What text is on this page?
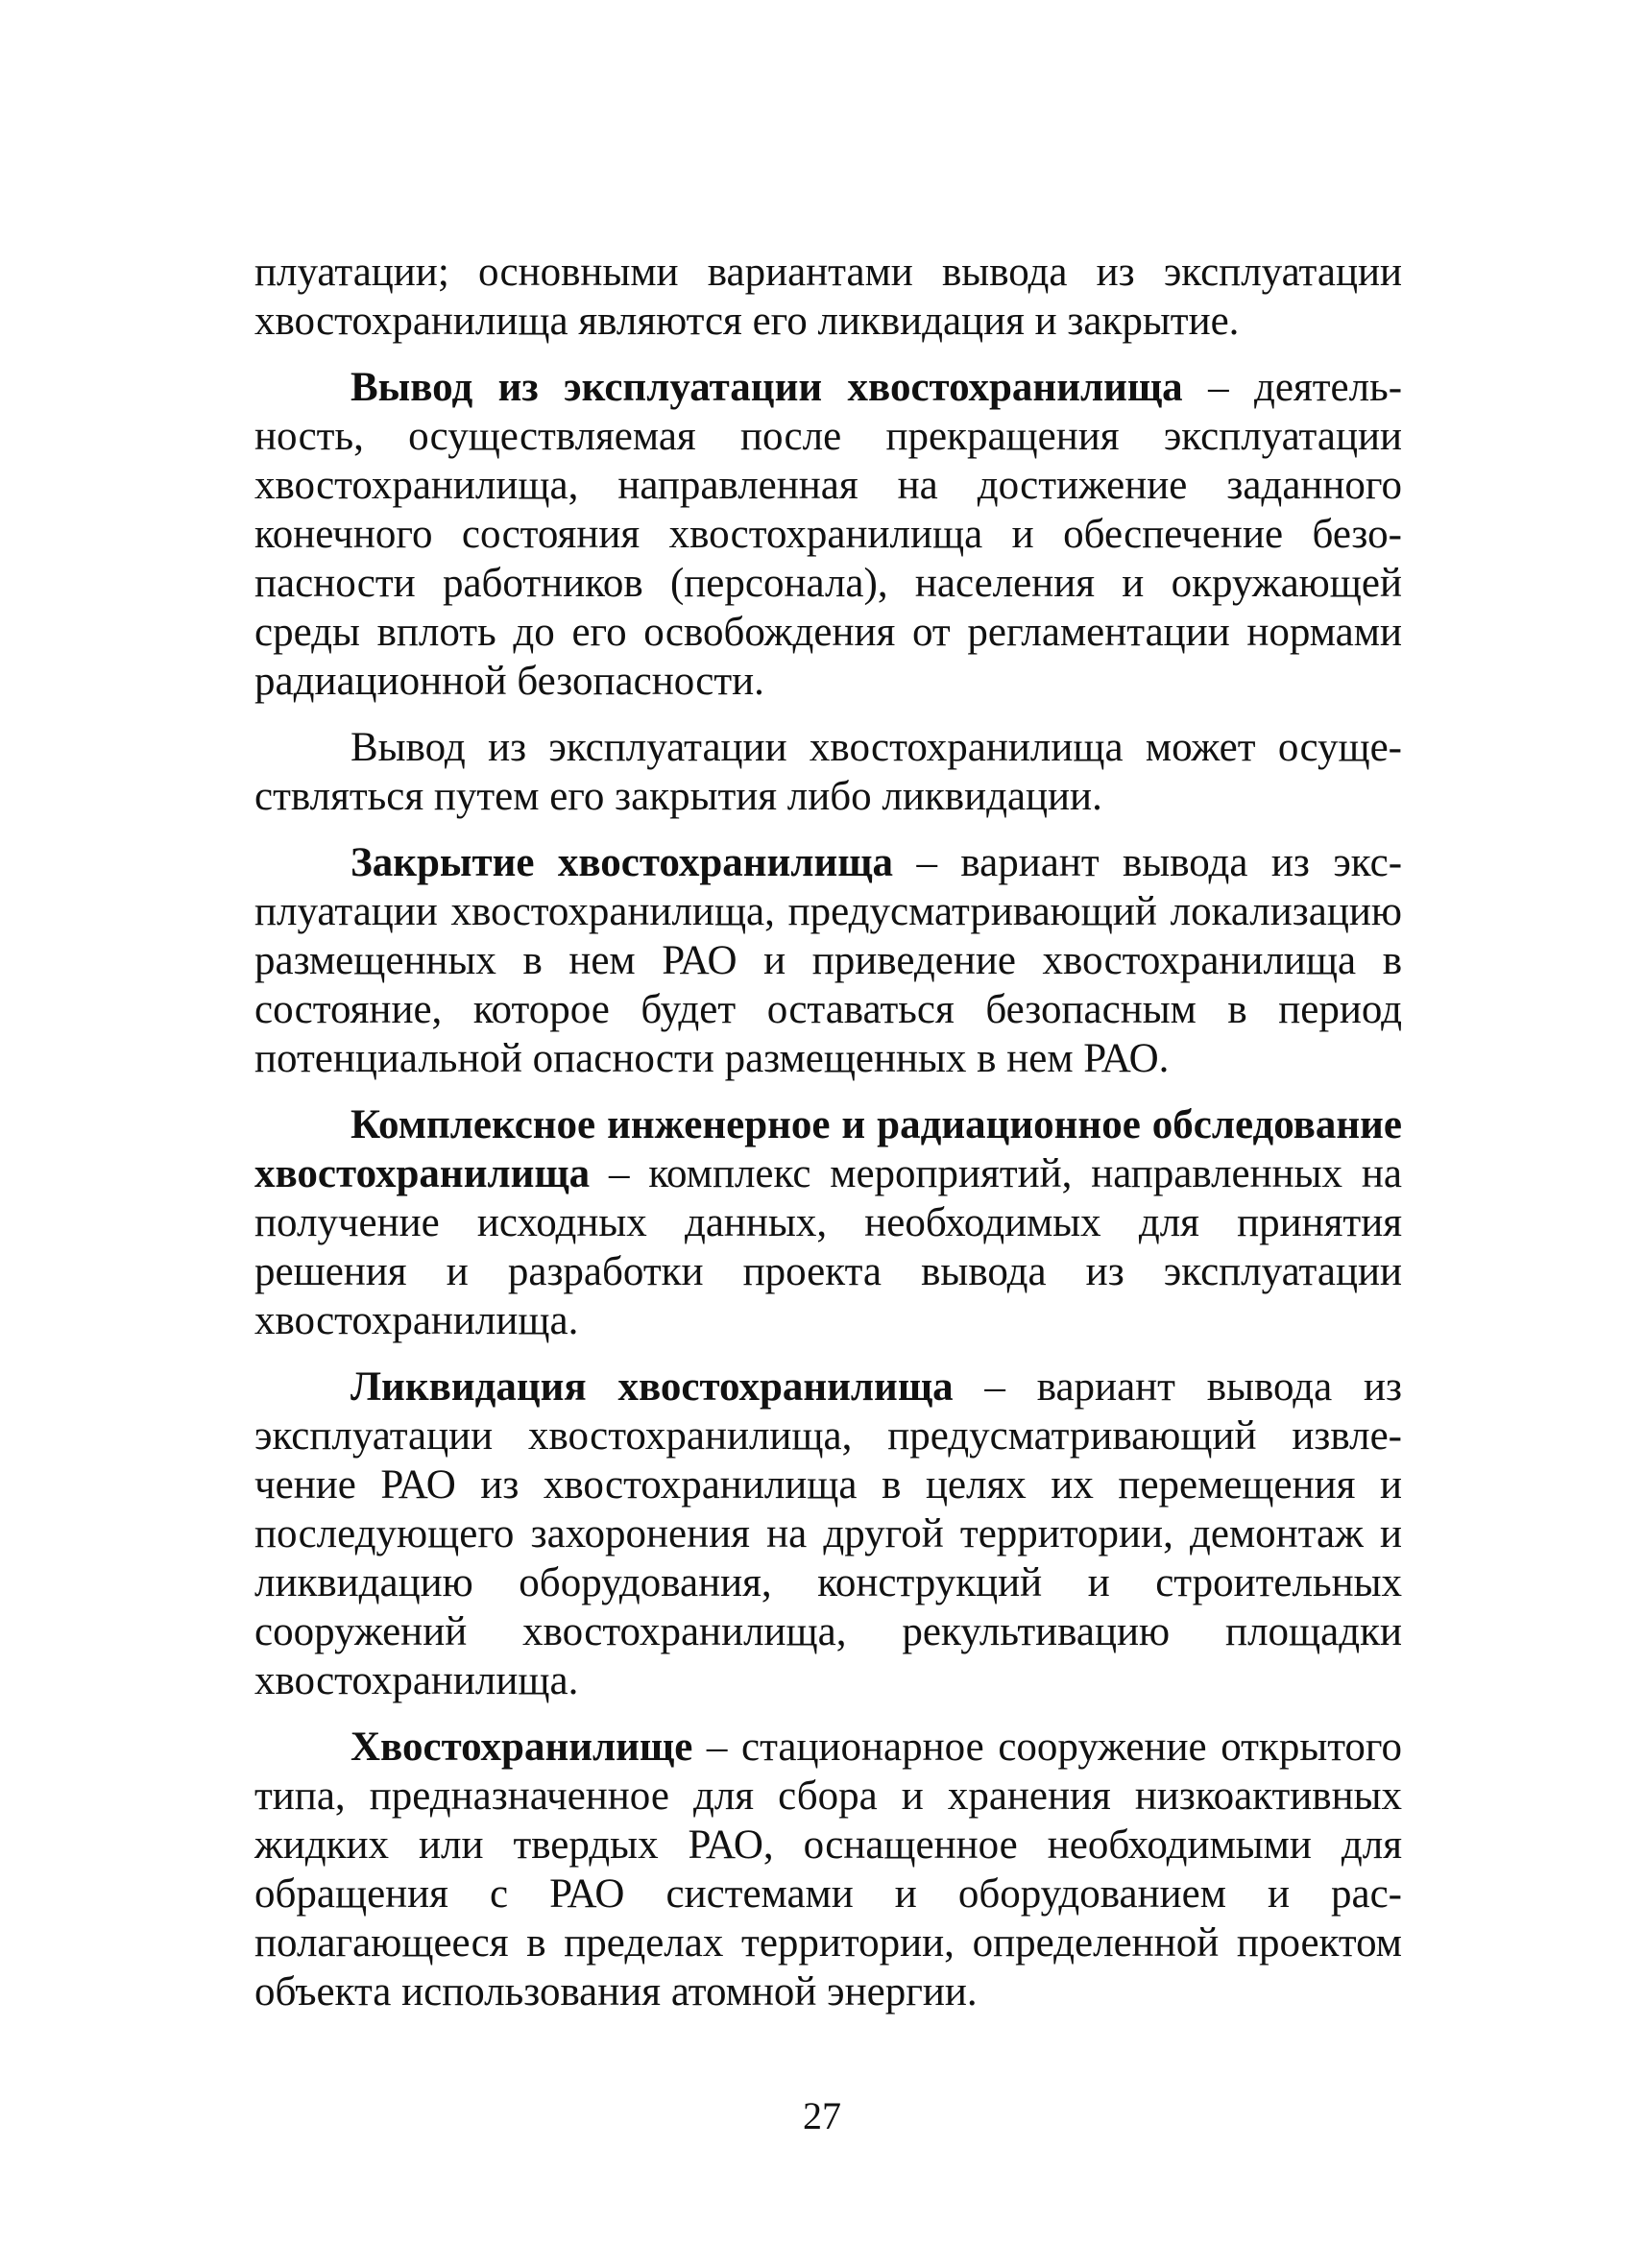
плуатации; основными вариантами вывода из эксплуатации хвостохранилища являются его ликвидация и закрытие.

Вывод из эксплуатации хвостохранилища – деятельность, осуществляемая после прекращения эксплуатации хвостохранилища, направленная на достижение заданного конечного состояния хвостохранилища и обеспечение безопасности работников (персонала), населения и окружающей среды вплоть до его освобождения от регламентации нормами радиационной безопасности.

Вывод из эксплуатации хвостохранилища может осуществляться путем его закрытия либо ликвидации.

Закрытие хвостохранилища – вариант вывода из эксплуатации хвостохранилища, предусматривающий локализацию размещенных в нем РАО и приведение хвостохранилища в состояние, которое будет оставаться безопасным в период потенциальной опасности размещенных в нем РАО.

Комплексное инженерное и радиационное обследование хвостохранилища – комплекс мероприятий, направленных на получение исходных данных, необходимых для принятия решения и разработки проекта вывода из эксплуатации хвостохранилища.

Ликвидация хвостохранилища – вариант вывода из эксплуатации хвостохранилища, предусматривающий извлечение РАО из хвостохранилища в целях их перемещения и последующего захоронения на другой территории, демонтаж и ликвидацию оборудования, конструкций и строительных сооружений хвостохранилища, рекультивацию площадки хвостохранилища.

Хвостохранилище – стационарное сооружение открытого типа, предназначенное для сбора и хранения низкоактивных жидких или твердых РАО, оснащенное необходимыми для обращения с РАО системами и оборудованием и располагающееся в пределах территории, определенной проектом объекта использования атомной энергии.

27
